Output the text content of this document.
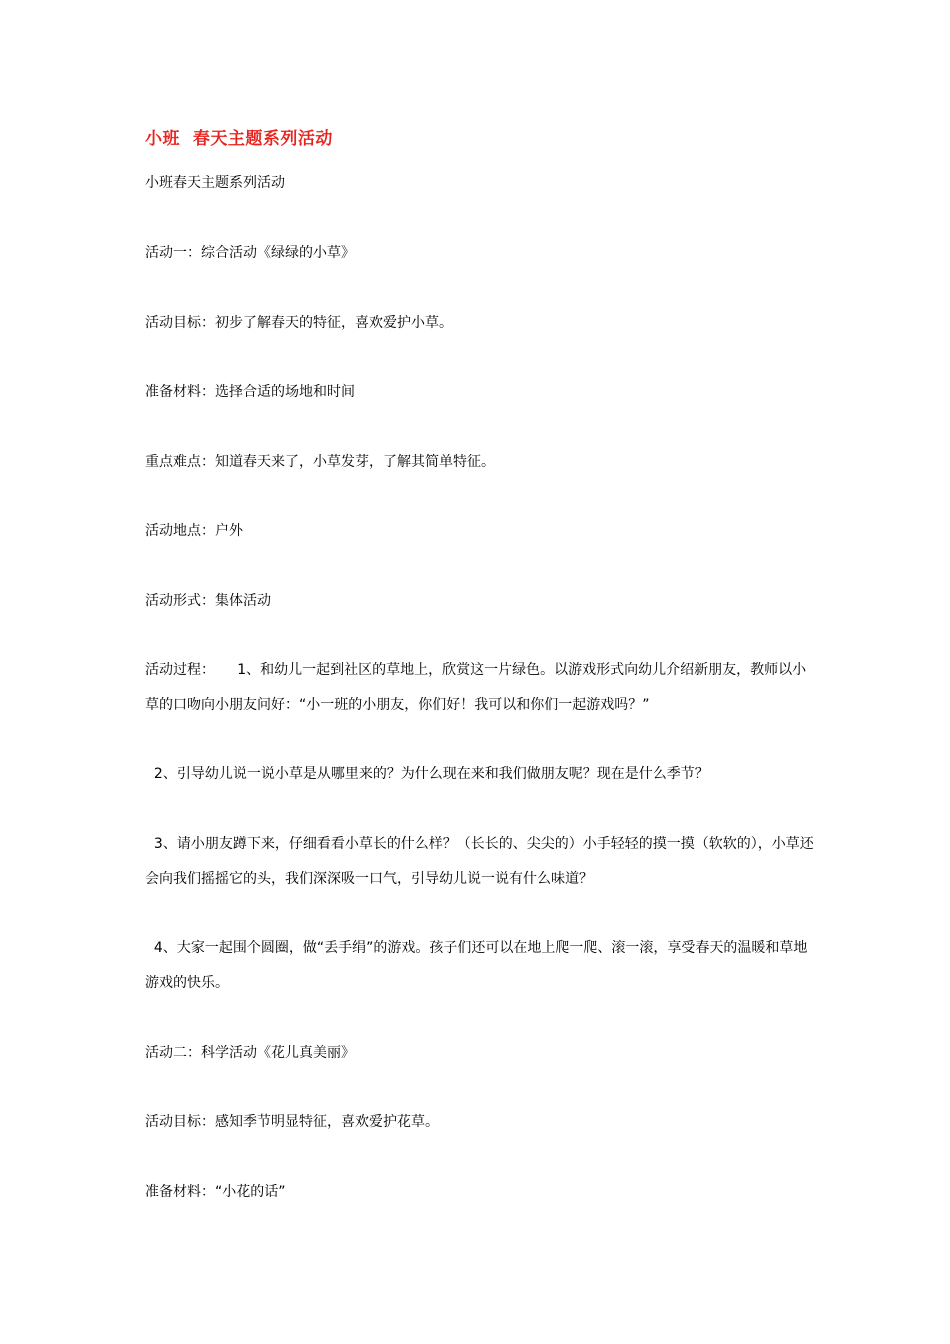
小班  春天主题系列活动
小班春天主题系列活动
活动一：综合活动《绿绿的小草》
活动目标：初步了解春天的特征，喜欢爱护小草。
准备材料：选择合适的场地和时间
重点难点：知道春天来了，小草发芽，了解其简单特征。
活动地点：户外
活动形式：集体活动
活动过程：     1、和幼儿一起到社区的草地上，欣赏这一片绿色。以游戏形式向幼儿介绍新朋友，教师以小草的口吻向小朋友问好：“小一班的小朋友，你们好！我可以和你们一起游戏吗？”
2、引导幼儿说一说小草是从哪里来的？为什么现在来和我们做朋友呢？现在是什么季节？
3、请小朋友蹲下来，仔细看看小草长的什么样？（长长的、尖尖的）小手轻轻的摸一摸（软软的），小草还会向我们摇摇它的头，我们深深吸一口气，引导幼儿说一说有什么味道？
4、大家一起围个圆圈，做“丢手绢”的游戏。孩子们还可以在地上爬一爬、滚一滚，享受春天的温暖和草地游戏的快乐。
活动二：科学活动《花儿真美丽》
活动目标：感知季节明显特征，喜欢爱护花草。
准备材料：“小花的话”
